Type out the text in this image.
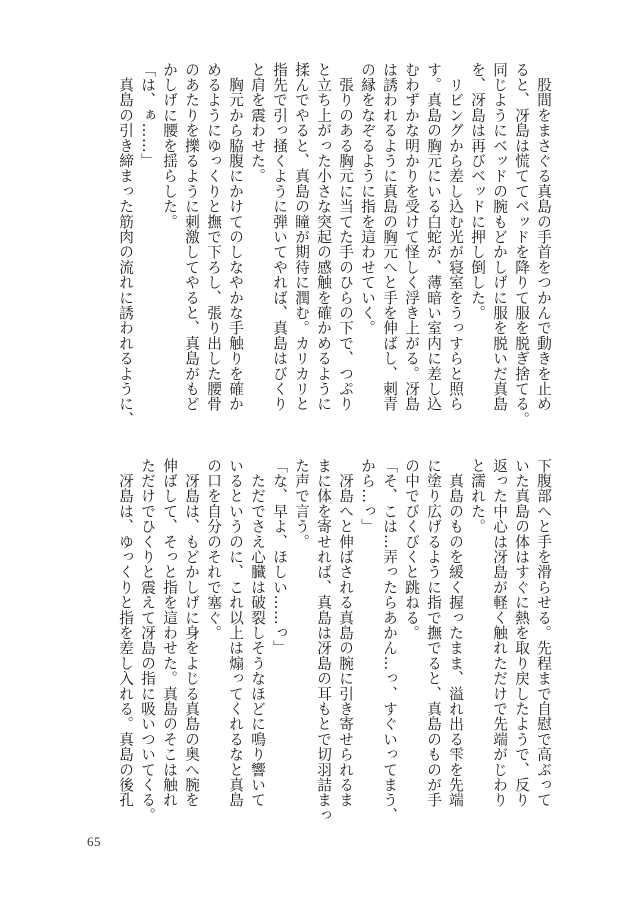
　股間をまさぐる真島の手首をつかんで動きを止め
ると、冴島は慌ててベッドを降りて服を脱ぎ捨てる。
同じようにベッドの腕もどかしげに服を脱いだ真島
を、冴島は再びベッドに押し倒した。
　リビングから差し込む光が寝室をうっすらと照ら
す。真島の胸元にいる白蛇が、薄暗い室内に差し込
むわずかな明かりを受けて怪しく浮き上がる。冴島
は誘われるように真島の胸元へと手を伸ばし、刺青
の縁をなぞるように指を這わせていく。
　張りのある胸元に当てた手のひらの下で、つぷり
と立ち上がった小さな突起の感触を確かめるように
揉んでやると、真島の瞳が期待に潤む。カリカリと
指先で引っ掻くように弾いてやれば、真島はびくり
と肩を震わせた。
　胸元から脇腹にかけてのしなやかな手触りを確か
めるようにゆっくりと撫で下ろし、張り出した腰骨
のあたりを擽るように刺激してやると、真島がもど
かしげに腰を揺らした。
「は、ぁ……」
　真島の引き締まった筋肉の流れに誘われるように、
下腹部へと手を滑らせる。先程まで自慰で高ぶって
いた真島の体はすぐに熱を取り戻したようで、反り
返った中心は冴島が軽く触れただけで先端がじわり
と濡れた。
　真島のものを緩く握ったまま、溢れ出る雫を先端
に塗り広げるように指で撫でると、真島のものが手
の中でびくびくと跳ねる。
「そ、こは…弄ったらあかん…っ、すぐいってまう、
から…っ」
　冴島へと伸ばされる真島の腕に引き寄せられるま
まに体を寄せれば、真島は冴島の耳もとで切羽詰まっ
た声で言う。
「な、早よ、ほしい……っ」
　ただでさえ心臓は破裂しそうなほどに鳴り響いて
いるというのに、これ以上は煽ってくれるなと真島
の口を自分のそれで塞ぐ。
　冴島は、もどかしげに身をよじる真島の奥へ腕を
伸ばして、そっと指を這わせた。真島のそこは触れ
ただけでひくりと震えて冴島の指に吸いついてくる。
　冴島は、ゆっくりと指を差し入れる。真島の後孔
65
